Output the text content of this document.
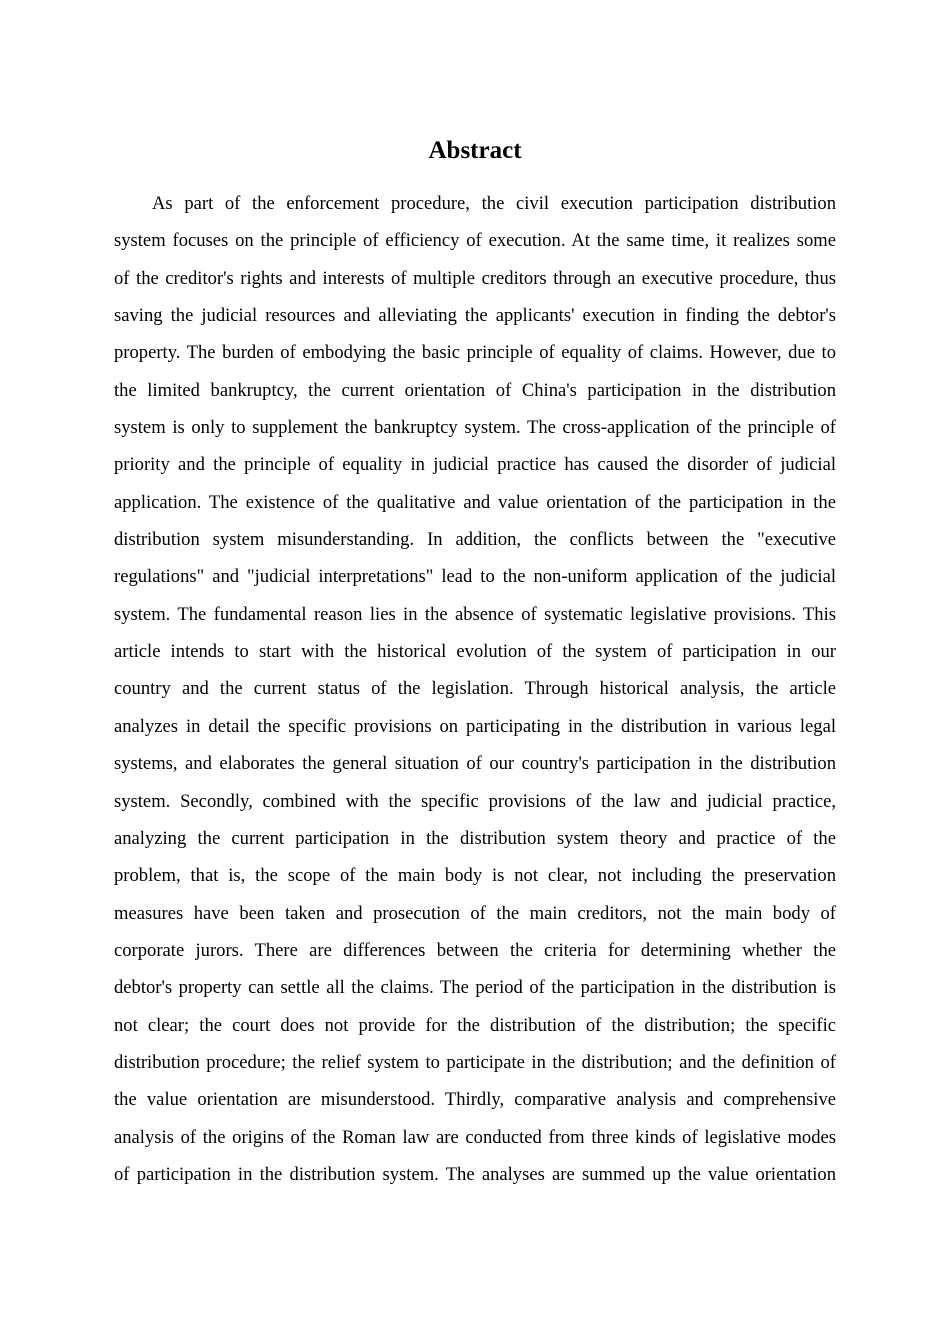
Abstract
As part of the enforcement procedure, the civil execution participation distribution
system focuses on the principle of efficiency of execution. At the same time, it realizes some
of the creditor's rights and interests of multiple creditors through an executive procedure, thus
saving the judicial resources and alleviating the applicants' execution in finding the debtor's
property. The burden of embodying the basic principle of equality of claims. However, due to
the limited bankruptcy, the current orientation of China's participation in the distribution
system is only to supplement the bankruptcy system. The cross-application of the principle of
priority and the principle of equality in judicial practice has caused the disorder of judicial
application. The existence of the qualitative and value orientation of the participation in the
distribution system misunderstanding. In addition, the conflicts between the "executive
regulations" and "judicial interpretations" lead to the non-uniform application of the judicial
system. The fundamental reason lies in the absence of systematic legislative provisions. This
article intends to start with the historical evolution of the system of participation in our
country and the current status of the legislation. Through historical analysis, the article
analyzes in detail the specific provisions on participating in the distribution in various legal
systems, and elaborates the general situation of our country's participation in the distribution
system. Secondly, combined with the specific provisions of the law and judicial practice,
analyzing the current participation in the distribution system theory and practice of the
problem, that is, the scope of the main body is not clear, not including the preservation
measures have been taken and prosecution of the main creditors, not the main body of
corporate jurors. There are differences between the criteria for determining whether the
debtor's property can settle all the claims. The period of the participation in the distribution is
not clear; the court does not provide for the distribution of the distribution; the specific
distribution procedure; the relief system to participate in the distribution; and the definition of
the value orientation are misunderstood. Thirdly, comparative analysis and comprehensive
analysis of the origins of the Roman law are conducted from three kinds of legislative modes
of participation in the distribution system. The analyses are summed up the value orientation
